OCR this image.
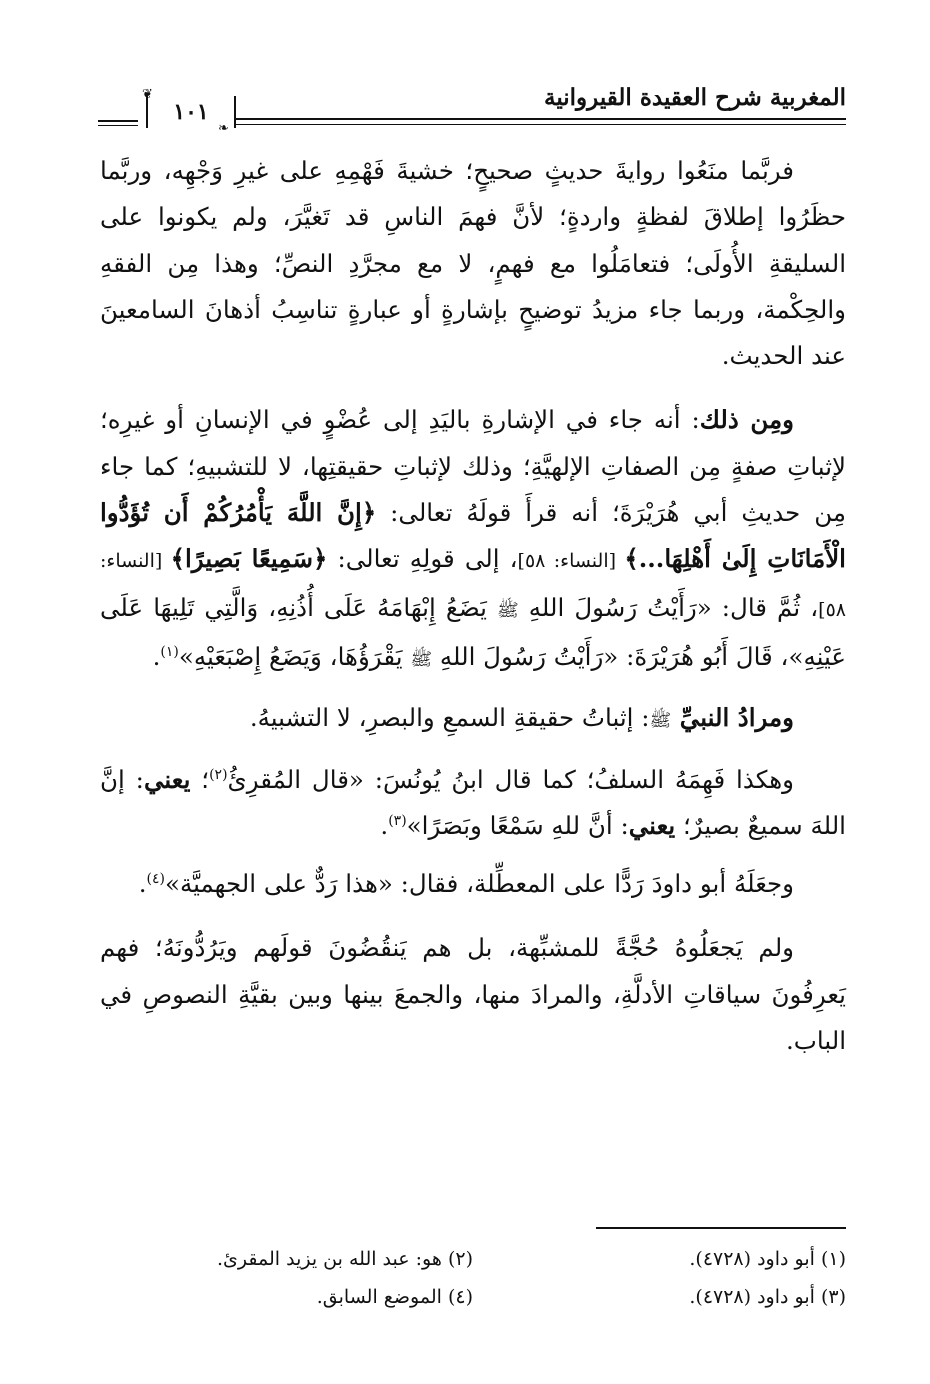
المغربية شرح العقيدة القيروانية
١٠١
❦
❧

فربَّما منَعُوا روايةَ حديثٍ صحيحٍ؛ خشيةَ فَهْمِهِ على غيرِ وَجْهِه، وربَّما حظَرُوا إطلاقَ لفظةٍ واردةٍ؛ لأنَّ فهمَ الناسِ قد تَغيَّرَ، ولم يكونوا على السليقةِ الأُولَى؛ فتعامَلُوا مع فهمٍ، لا مع مجرَّدِ النصِّ؛ وهذا مِن الفقهِ والحِكْمة، وربما جاء مزيدُ توضيحٍ بإشارةٍ أو عبارةٍ تناسِبُ أذهانَ السامعينَ عند الحديث.

ومِن ذلك: أنه جاء في الإشارةِ باليَدِ إلى عُضْوٍ في الإنسانِ أو غيرِه؛ لإثباتِ صفةٍ مِن الصفاتِ الإلهيَّةِ؛ وذلك لإثباتِ حقيقتِها، لا للتشبيهِ؛ كما جاء مِن حديثِ أبي هُرَيْرَةَ؛ أنه قرأَ قولَهُ تعالى: ﴿إِنَّ اللَّهَ يَأْمُرُكُمْ أَن تُؤَدُّوا الْأَمَانَاتِ إِلَىٰ أَهْلِهَا...﴾ [النساء: ٥٨]، إلى قولِهِ تعالى: ﴿سَمِيعًا بَصِيرًا﴾ [النساء: ٥٨]، ثُمَّ قال: «رَأَيْتُ رَسُولَ اللهِ ﷺ يَضَعُ إِبْهَامَهُ عَلَى أُذُنِهِ، وَالَّتِي تَلِيهَا عَلَى عَيْنِهِ»، قَالَ أَبُو هُرَيْرَةَ: «رَأَيْتُ رَسُولَ اللهِ ﷺ يَقْرَؤُهَا، وَيَضَعُ إِصْبَعَيْهِ»$^{(١)}$.

ومرادُ النبيِّ ﷺ: إثباتُ حقيقةِ السمعِ والبصرِ، لا التشبيهُ.

وهكذا فَهِمَهُ السلفُ؛ كما قال ابنُ يُونُسَ: «قال المُقرِئُ$^{(٢)}$؛ يعني: إنَّ اللهَ سميعٌ بصيرٌ؛ يعني: أنَّ للهِ سَمْعًا وبَصَرًا»$^{(٣)}$.

وجعَلَهُ أبو داودَ رَدًّا على المعطِّلة، فقال: «هذا رَدٌّ على الجهميَّة»$^{(٤)}$.

ولم يَجعَلُوهُ حُجَّةً للمشبِّهة، بل هم يَنقُضُونَ قولَهم ويَرُدُّونَهُ؛ فهم يَعرِفُونَ سياقاتِ الأدلَّةِ، والمرادَ منها، والجمعَ بينها وبين بقيَّةِ النصوصِ في الباب.

(١) أبو داود (٤٧٢٨).
(٢) هو: عبد الله بن يزيد المقرئ.
(٣) أبو داود (٤٧٢٨).
(٤) الموضع السابق.
